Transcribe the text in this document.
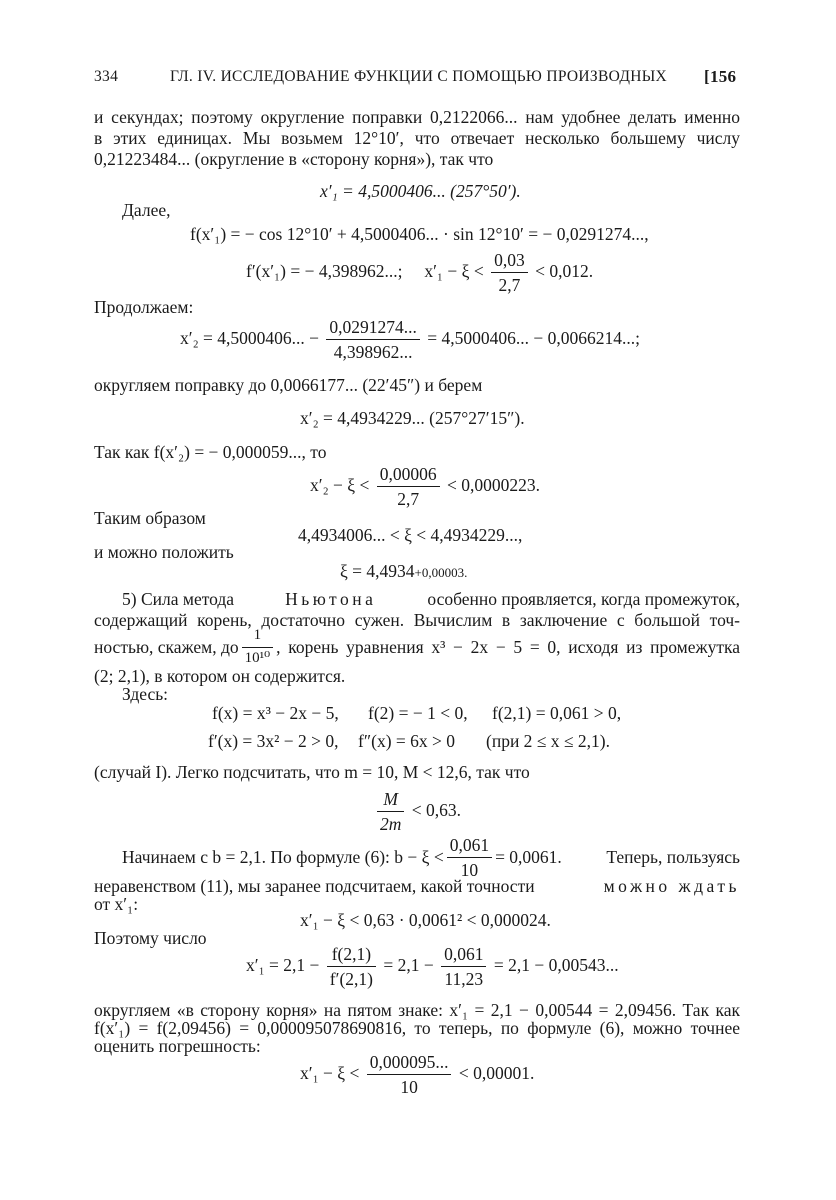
334	ГЛ. IV. ИССЛЕДОВАНИЕ ФУНКЦИИ С ПОМОЩЬЮ ПРОИЗВОДНЫХ [156
и секундах; поэтому округление поправки 0,2122066... нам удобнее делать именно
в этих единицах. Мы возьмем 12°10′, что отвечает несколько большему числу
0,21223484... (округление в «сторону корня»), так что
x′₁ = 4,5000406... (257°50′).
Далее,
f(x′₁) = − cos 12°10′ + 4,5000406... · sin 12°10′ = − 0,0291274...,
f′(x′₁) = − 4,398962...; $x'_1 - \xi < \frac{0,03}{2,7} < 0,012$.
Продолжаем:
x′₂ = 4,5000406... − $\frac{0,0291274...}{4,398962...} = 4,5000406$... − 0,0066214...;
округляем поправку до 0,0066177... (22′45″) и берем
x′₂ = 4,4934229... (257°27′15″).
Так как f(x′₂) = − 0,000059..., то
$x'_2 - \xi < \frac{0,00006}{2,7} < 0,0000223$.
Таким образом
4,4934006... < ξ < 4,4934229...,
и можно положить
ξ = 4,4934+0,00003.
5) Сила метода	Ньютона	особенно проявляется, когда промежуток,
содержащий корень, достаточно сужен. Вычислим в заключение с большой точ-
ностью, скажем, до $\frac{1}{\text{10¹⁰}}$ , корень уравнения x³ − 2x − 5 = 0, исходя из промежутка
(2; 2,1), в котором он содержится.
Здесь:
f(x) = x³ − 2x − 5, f(2) = − 1 < 0, f(2,1) = 0,061 > 0,
f′(x) = 3x² − 2 > 0, f″(x) = 6x > 0 (при 2 ≤ x ≤ 2,1).
(случай I). Легко подсчитать, что m = 10, M < 12,6, так что
$\frac{M}{2m} < 0,63$.
Начинаем с b = 2,1. По формуле (6): $b - \xi < \frac{0,061}{10} = 0,0061$.	Теперь, пользуясь
неравенством (11), мы заранее подсчитаем, какой точности	можно ждать
от x′₁:
x′₁ − ξ < 0,63 · 0,0061² < 0,000024.
Поэтому число
$x'_1 = 2,1 - \frac{f(2,1)}{f'(2,1)} = 2,1 - \frac{0,061}{11,23} = 2,1 - 0,00543$...
округляем «в сторону корня» на пятом знаке: x′₁ = 2,1 − 0,00544 = 2,09456. Так как
f(x′₁) = f(2,09456) = 0,000095078690816, то теперь, по формуле (6), можно точнее
оценить погрешность:
$x'_1 - \xi < \frac{0,000095...}{10} < 0,00001$.
